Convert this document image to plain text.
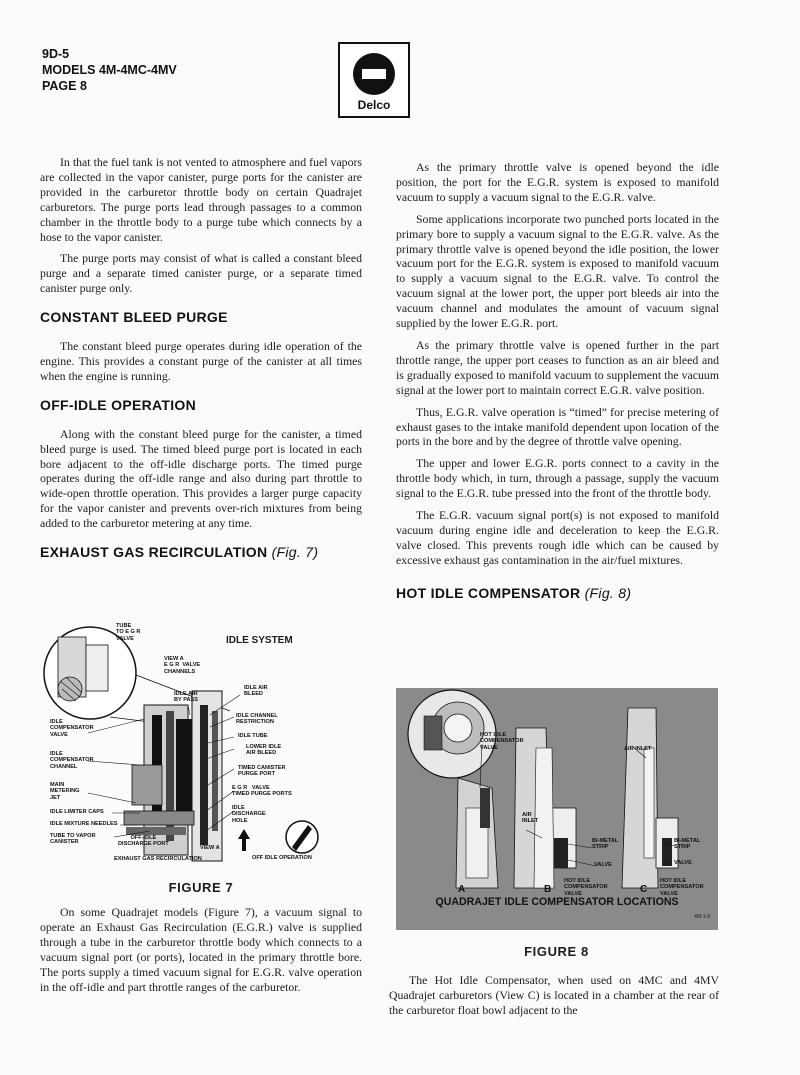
9D-5
MODELS 4M-4MC-4MV
PAGE 8
Delco

In that the fuel tank is not vented to atmosphere and fuel vapors are collected in the vapor canister, purge ports for the canister are provided in the carburetor throttle body on certain Quadrajet carburetors. The purge ports lead through passages to a common chamber in the throttle body to a purge tube which connects by a hose to the vapor canister.

The purge ports may consist of what is called a constant bleed purge and a separate timed canister purge, or a separate timed canister purge only.

CONSTANT BLEED PURGE

The constant bleed purge operates during idle operation of the engine. This provides a constant purge of the canister at all times when the engine is running.

OFF-IDLE OPERATION

Along with the constant bleed purge for the canister, a timed bleed purge is used. The timed bleed purge port is located in each bore adjacent to the off-idle discharge ports. The timed purge operates during the off-idle range and also during part throttle to wide-open throttle operation. This provides a larger purge capacity for the vapor canister and prevents over-rich mixtures from being added to the carburetor metering at any time.

EXHAUST GAS RECIRCULATION (Fig. 7)
TUBE
TO E G R
VALVE	IDLE SYSTEM
VIEW A
E G R  VALVE
CHANNELS
IDLE AIR
BY PASS
IDLE AIR
BLEED
IDLE CHANNEL
RESTRICTION
IDLE
COMPENSATOR
VALVE	IDLE TUBE
IDLE
COMPENSATOR
CHANNEL
LOWER IDLE
AIR BLEED
TIMED CANISTER
PURGE PORT
MAIN
METERING
JET
E G R   VALVE
TIMED PURGE PORTS
IDLE
DISCHARGE
HOLE
IDLE LIMITER CAPS
IDLE MIXTURE NEEDLES
TUBE TO VAPOR
CANISTER
OFF-IDLE
DISCHARGE PORT
VIEW A
EXHAUST GAS RECIRCULATION	OFF IDLE OPERATION
FIGURE 7

On some Quadrajet models (Figure 7), a vacuum signal to operate an Exhaust Gas Recirculation (E.G.R.) valve is supplied through a tube in the carburetor throttle body which connects to a vacuum signal port (or ports), located in the primary throttle bore. The ports supply a timed vacuum signal for E.G.R. valve operation in the off-idle and part throttle ranges of the carburetor.

As the primary throttle valve is opened beyond the idle position, the port for the E.G.R. system is exposed to manifold vacuum to supply a vacuum signal to the E.G.R. valve.

Some applications incorporate two punched ports located in the primary bore to supply a vacuum signal to the E.G.R. valve. As the primary throttle valve is opened beyond the idle position, the lower vacuum port for the E.G.R. system is exposed to manifold vacuum to supply a vacuum signal to the E.G.R. valve. To control the vacuum signal at the lower port, the upper port bleeds air into the vacuum channel and modulates the amount of vacuum signal supplied by the lower E.G.R. port.

As the primary throttle valve is opened further in the part throttle range, the upper port ceases to function as an air bleed and is gradually exposed to manifold vacuum to supplement the vacuum signal at the lower port to maintain correct E.G.R. valve position.

Thus, E.G.R. valve operation is “timed” for precise metering of exhaust gases to the intake manifold dependent upon location of the ports in the bore and by the degree of throttle valve opening.

The upper and lower E.G.R. ports connect to a cavity in the throttle body which, in turn, through a passage, supply the vacuum signal to the E.G.R. tube pressed into the front of the throttle body.

The E.G.R. vacuum signal port(s) is not exposed to manifold vacuum during engine idle and deceleration to keep the E.G.R. valve closed. This prevents rough idle which can be caused by excessive exhaust gas contamination in the air/fuel mixtures.

HOT IDLE COMPENSATOR (Fig. 8)
HOT IDLE
COMPENSATOR
VALVE	AIR INLET
AIR
INLET
BI-METAL
STRIP
VALVE
BI-METAL
STRIP
VALVE
HOT IDLE
COMPENSATOR
VALVE
HOT IDLE
COMPENSATOR
VALVE
A	B	C
QUADRAJET IDLE COMPENSATOR LOCATIONS
4M-1-8
FIGURE 8

The Hot Idle Compensator, when used on 4MC and 4MV Quadrajet carburetors (View C) is located in a chamber at the rear of the carburetor float bowl adjacent to the
